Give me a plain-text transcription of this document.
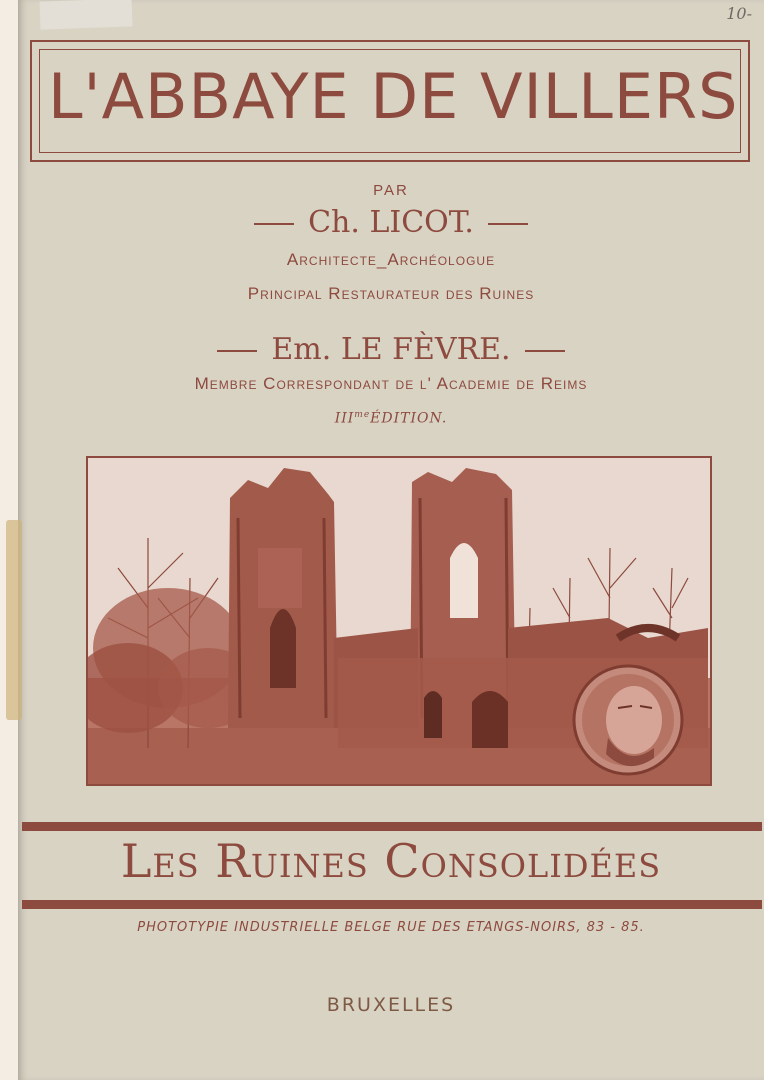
10-
L'ABBAYE DE VILLERS
PAR
Ch. LICOT.
Architecte_Archéologue
Principal Restaurateur des Ruines
Em. LE FÈVRE.
Membre Correspondant de l' Academie de Reims
$III^{me}ÉDITION$.
Les Ruines Consolidées
PHOTOTYPIE INDUSTRIELLE BELGE RUE DES ETANGS-NOIRS, 83 - 85.
BRUXELLES
